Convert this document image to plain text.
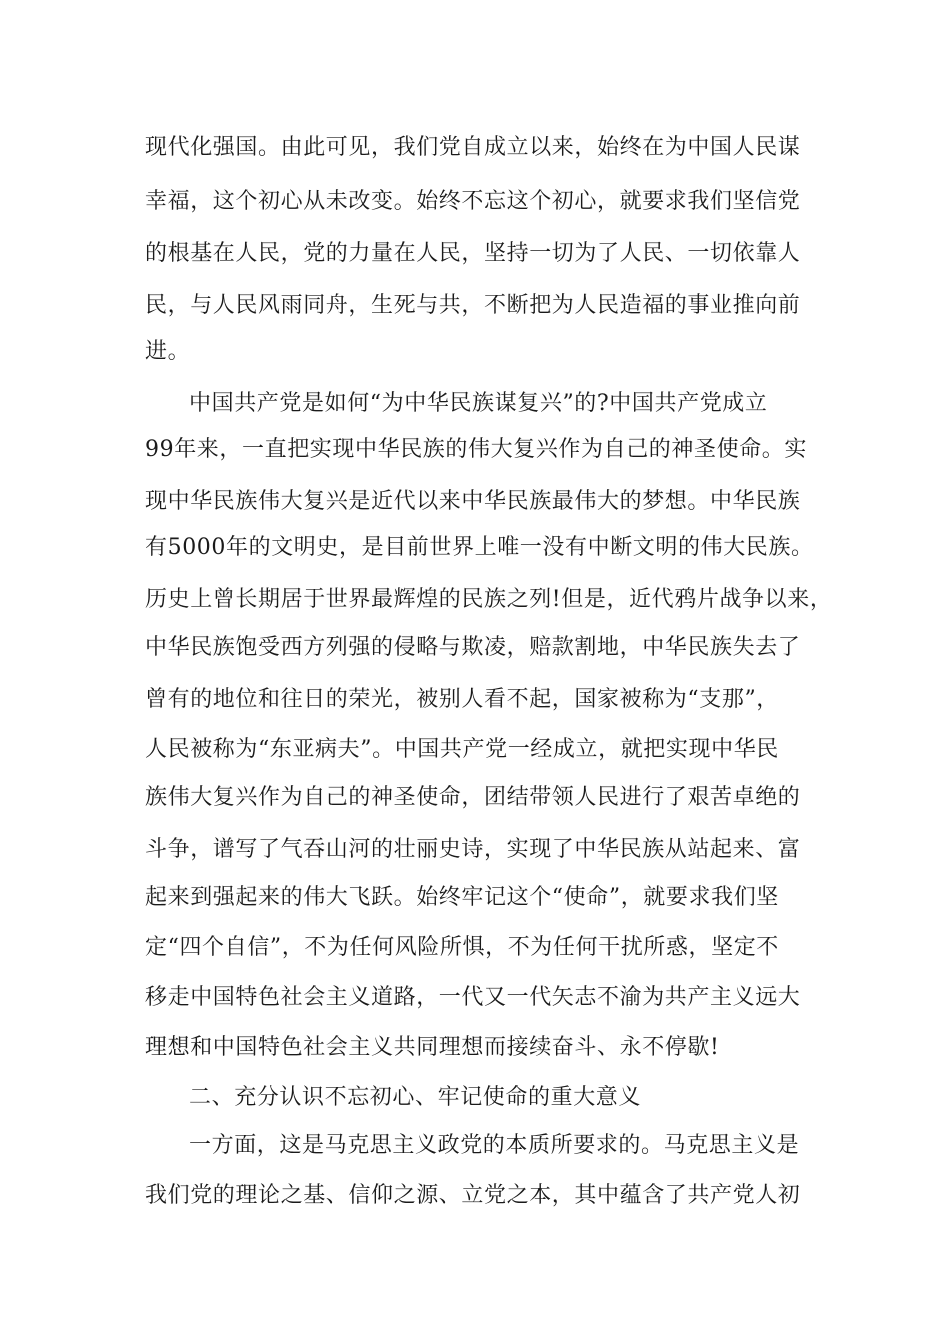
现代化强国。由此可见，我们党自成立以来，始终在为中国人民谋
幸福，这个初心从未改变。始终不忘这个初心，就要求我们坚信党
的根基在人民，党的力量在人民，坚持一切为了人民、一切依靠人
民，与人民风雨同舟，生死与共，不断把为人民造福的事业推向前
进。
中国共产党是如何“为中华民族谋复兴”的?中国共产党成立
99年来，一直把实现中华民族的伟大复兴作为自己的神圣使命。实
现中华民族伟大复兴是近代以来中华民族最伟大的梦想。中华民族
有5000年的文明史，是目前世界上唯一没有中断文明的伟大民族。
历史上曾长期居于世界最辉煌的民族之列!但是，近代鸦片战争以来，
中华民族饱受西方列强的侵略与欺凌，赔款割地，中华民族失去了
曾有的地位和往日的荣光，被别人看不起，国家被称为“支那”，
人民被称为“东亚病夫”。中国共产党一经成立，就把实现中华民
族伟大复兴作为自己的神圣使命，团结带领人民进行了艰苦卓绝的
斗争，谱写了气吞山河的壮丽史诗，实现了中华民族从站起来、富
起来到强起来的伟大飞跃。始终牢记这个“使命”，就要求我们坚
定“四个自信”，不为任何风险所惧，不为任何干扰所惑，坚定不
移走中国特色社会主义道路，一代又一代矢志不渝为共产主义远大
理想和中国特色社会主义共同理想而接续奋斗、永不停歇!
二、充分认识不忘初心、牢记使命的重大意义
一方面，这是马克思主义政党的本质所要求的。马克思主义是
我们党的理论之基、信仰之源、立党之本，其中蕴含了共产党人初
